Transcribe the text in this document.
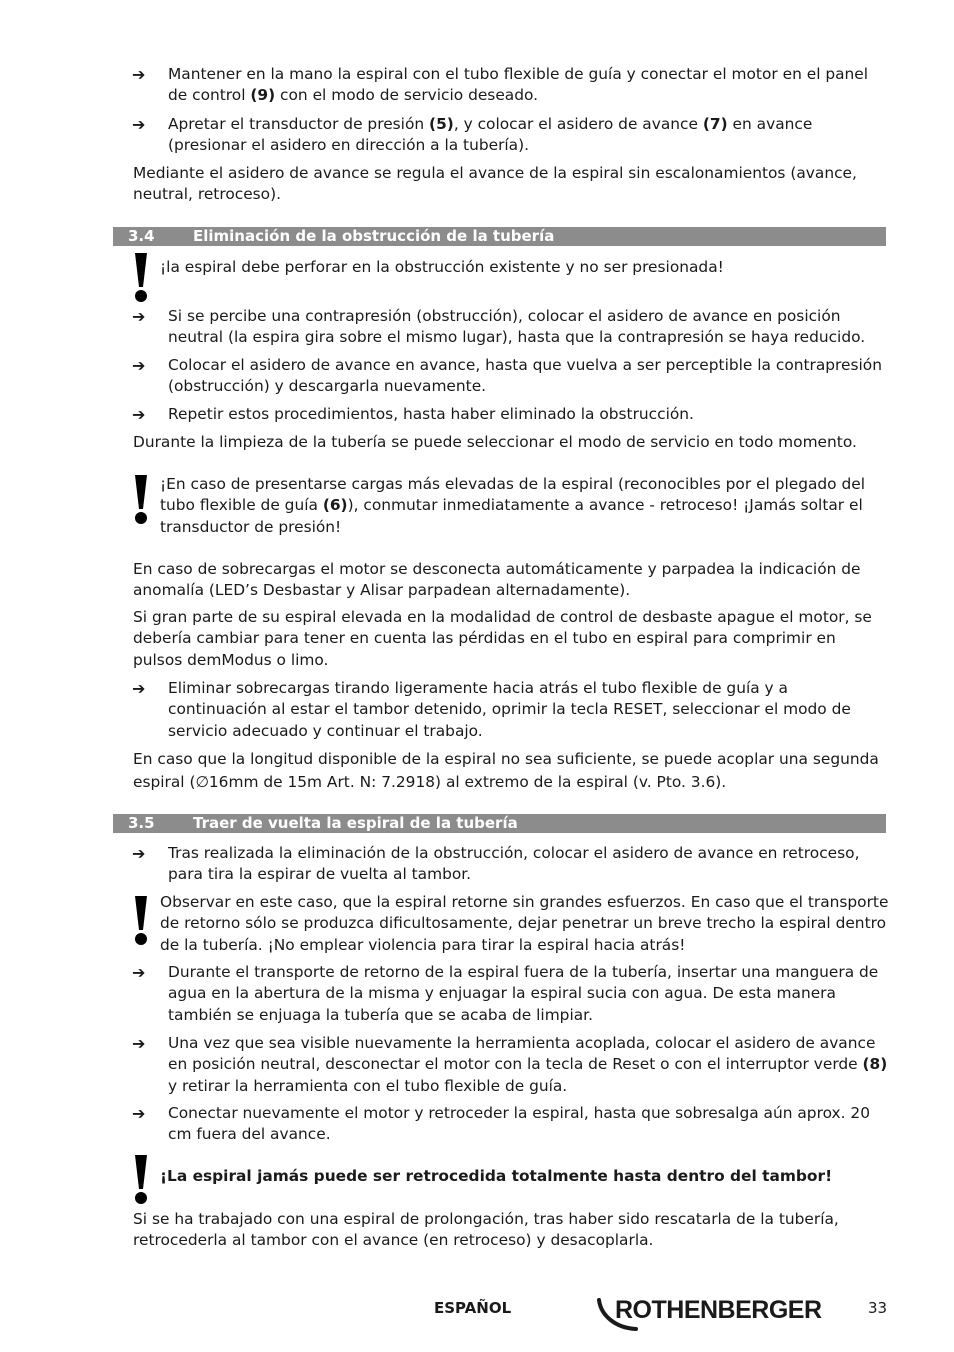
➔	Mantener en la mano la espiral con el tubo flexible de guía y conectar el motor en el panel de control (9) con el modo de servicio deseado.
➔	Apretar el transductor de presión (5), y colocar el asidero de avance (7) en avance (presionar el asidero en dirección a la tubería).
Mediante el asidero de avance se regula el avance de la espiral sin escalonamientos (avance, neutral, retroceso).
3.4	Eliminación de la obstrucción de la tubería
¡la espiral debe perforar en la obstrucción existente y no ser presionada!
➔	Si se percibe una contrapresión (obstrucción), colocar el asidero de avance en posición neutral (la espira gira sobre el mismo lugar), hasta que la contrapresión se haya reducido.
➔	Colocar el asidero de avance en avance, hasta que vuelva a ser perceptible la contrapresión (obstrucción) y descargarla nuevamente.
➔	Repetir estos procedimientos, hasta haber eliminado la obstrucción.
Durante la limpieza de la tubería se puede seleccionar el modo de servicio en todo momento.
¡En caso de presentarse cargas más elevadas de la espiral (reconocibles por el plegado del tubo flexible de guía (6)), conmutar inmediatamente a avance - retroceso! ¡Jamás soltar el transductor de presión!
En caso de sobrecargas el motor se desconecta automáticamente y parpadea la indicación de anomalía (LED’s Desbastar y Alisar parpadean alternadamente).
Si gran parte de su espiral elevada en la modalidad de control de desbaste apague el motor, se debería cambiar para tener en cuenta las pérdidas en el tubo en espiral para comprimir en pulsos demModus o limo.
➔	Eliminar sobrecargas tirando ligeramente hacia atrás el tubo flexible de guía y a continuación al estar el tambor detenido, oprimir la tecla RESET, seleccionar el modo de servicio adecuado y continuar el trabajo.
En caso que la longitud disponible de la espiral no sea suficiente, se puede acoplar una segunda espiral (∅16mm de 15m Art. N: 7.2918) al extremo de la espiral (v. Pto. 3.6).
3.5	Traer de vuelta la espiral de la tubería
➔	Tras realizada la eliminación de la obstrucción, colocar el asidero de avance en retroceso, para tira la espirar de vuelta al tambor.
Observar en este caso, que la espiral retorne sin grandes esfuerzos. En caso que el transporte de retorno sólo se produzca dificultosamente, dejar penetrar un breve trecho la espiral dentro de la tubería. ¡No emplear violencia para tirar la espiral hacia atrás!
➔	Durante el transporte de retorno de la espiral fuera de la tubería, insertar una manguera de agua en la abertura de la misma y enjuagar la espiral sucia con agua. De esta manera también se enjuaga la tubería que se acaba de limpiar.
➔	Una vez que sea visible nuevamente la herramienta acoplada, colocar el asidero de avance en posición neutral, desconectar el motor con la tecla de Reset o con el interruptor verde (8) y retirar la herramienta con el tubo flexible de guía.
➔	Conectar nuevamente el motor y retroceder la espiral, hasta que sobresalga aún aprox. 20 cm fuera del avance.
¡La espiral jamás puede ser retrocedida totalmente hasta dentro del tambor!
Si se ha trabajado con una espiral de prolongación, tras haber sido rescatarla de la tubería, retrocederla al tambor con el avance (en retroceso) y desacoplarla.
ESPAÑOL	ROTHENBERGER	33
